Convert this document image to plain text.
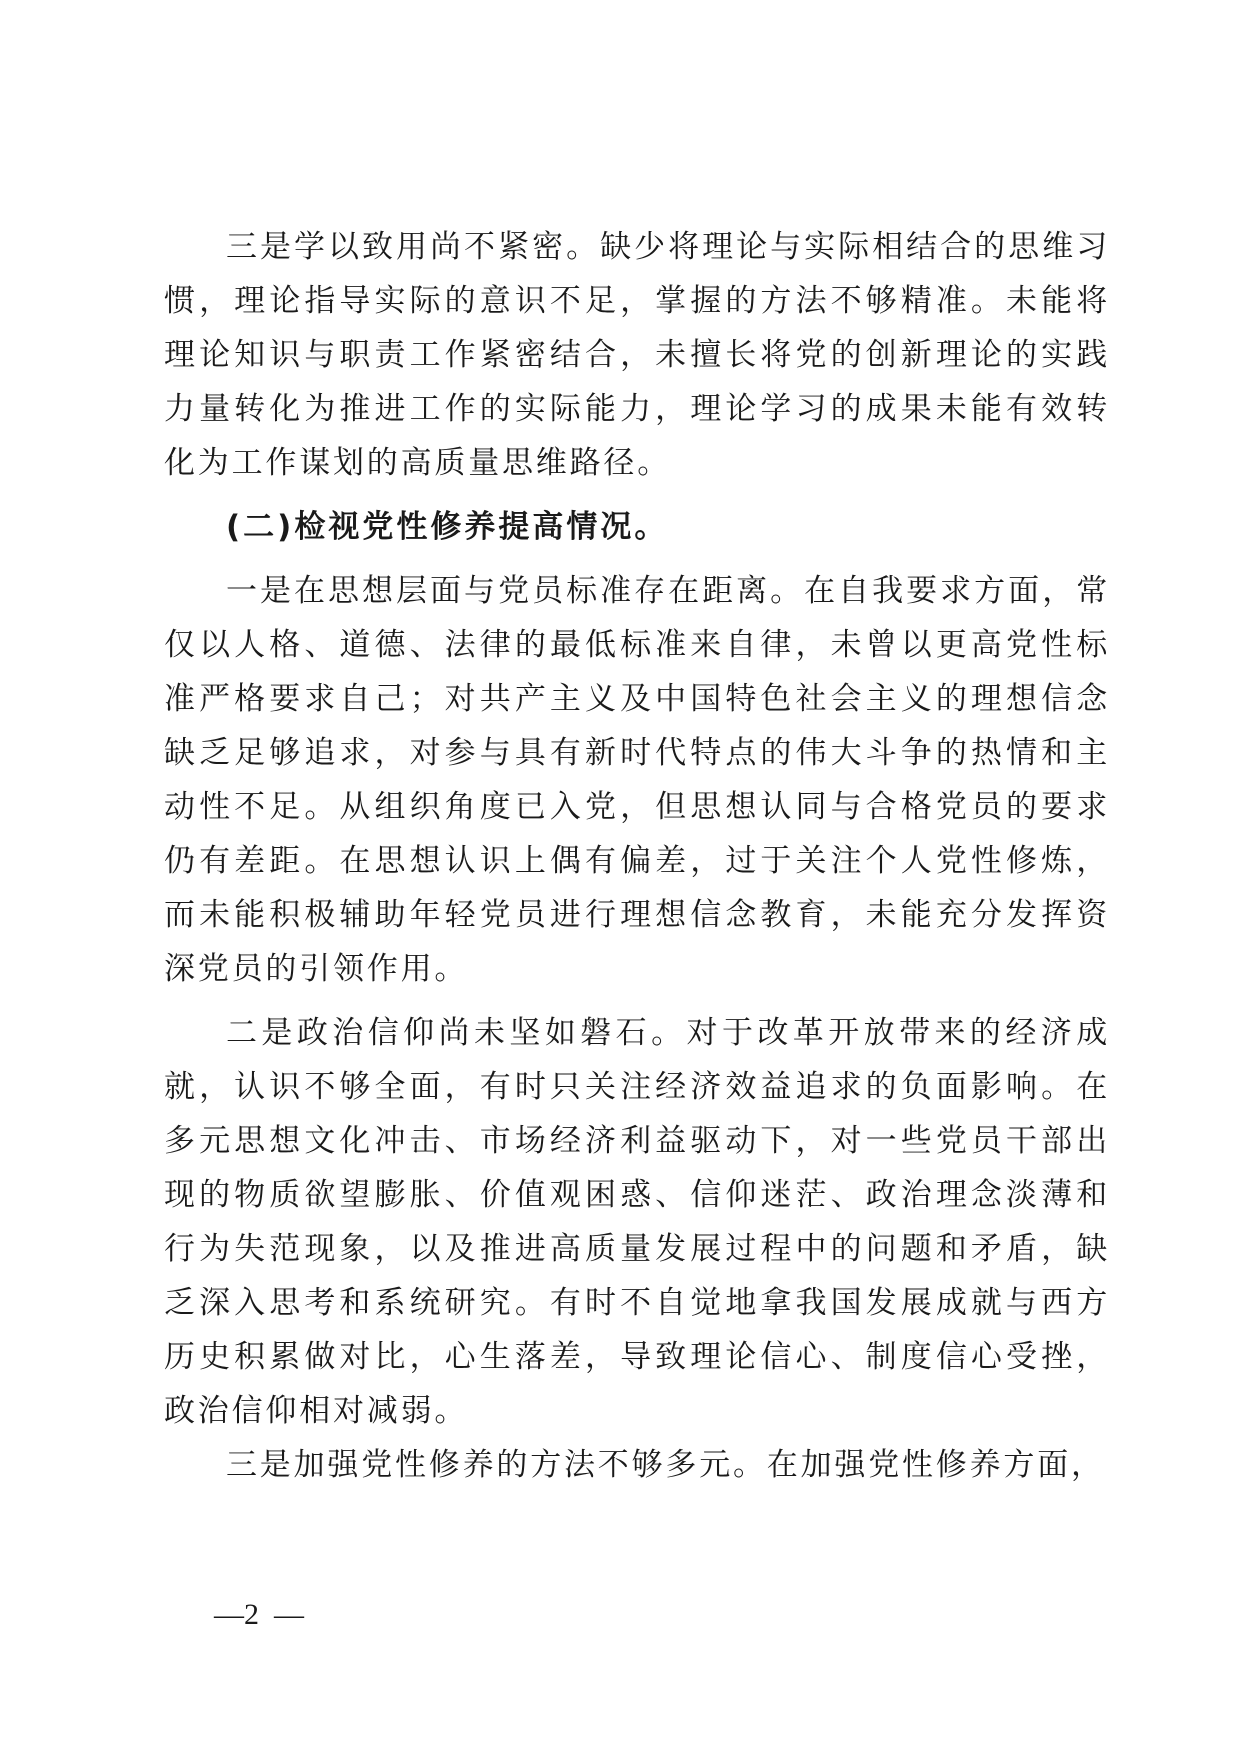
三是学以致用尚不紧密。缺少将理论与实际相结合的思维习惯，理论指导实际的意识不足，掌握的方法不够精准。未能将理论知识与职责工作紧密结合，未擅长将党的创新理论的实践力量转化为推进工作的实际能力，理论学习的成果未能有效转化为工作谋划的高质量思维路径。

(二)检视党性修养提高情况。

一是在思想层面与党员标准存在距离。在自我要求方面，常仅以人格、道德、法律的最低标准来自律，未曾以更高党性标准严格要求自己；对共产主义及中国特色社会主义的理想信念缺乏足够追求，对参与具有新时代特点的伟大斗争的热情和主动性不足。从组织角度已入党，但思想认同与合格党员的要求仍有差距。在思想认识上偶有偏差，过于关注个人党性修炼，而未能积极辅助年轻党员进行理想信念教育，未能充分发挥资深党员的引领作用。

二是政治信仰尚未坚如磐石。对于改革开放带来的经济成就，认识不够全面，有时只关注经济效益追求的负面影响。在多元思想文化冲击、市场经济利益驱动下，对一些党员干部出现的物质欲望膨胀、价值观困惑、信仰迷茫、政治理念淡薄和行为失范现象，以及推进高质量发展过程中的问题和矛盾，缺乏深入思考和系统研究。有时不自觉地拿我国发展成就与西方历史积累做对比，心生落差，导致理论信心、制度信心受挫，政治信仰相对减弱。

三是加强党性修养的方法不够多元。在加强党性修养方面，

—2  —
